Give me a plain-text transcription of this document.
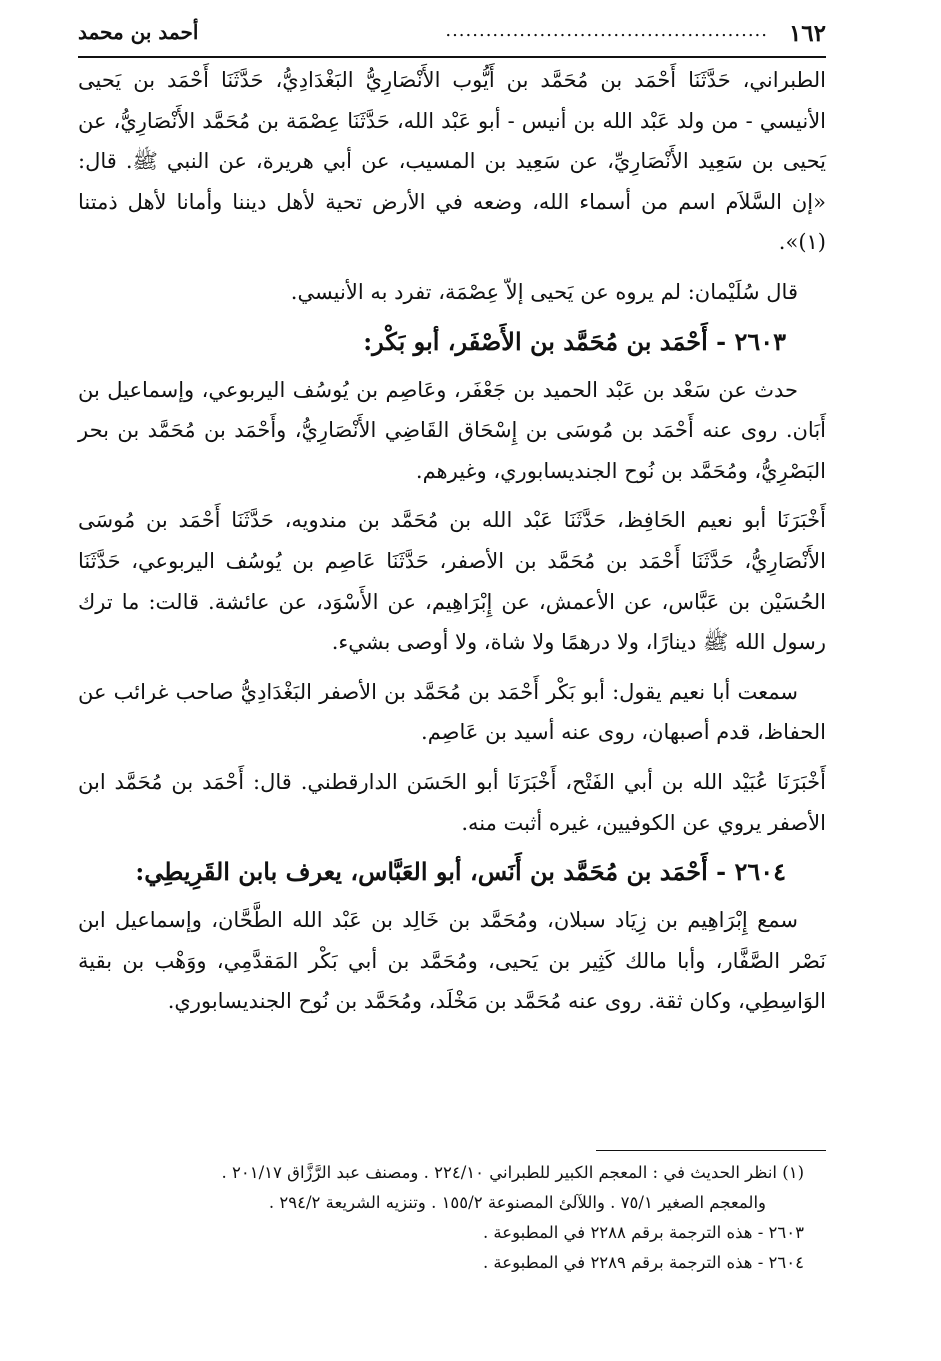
١٦٢
................................................
أحمد بن محمد

الطبراني، حَدَّثَنَا أَحْمَد بن مُحَمَّد بن أَيُّوب الأَنْصَارِيُّ البَغْدَادِيُّ، حَدَّثَنَا أَحْمَد بن يَحيى الأنيسي - من ولد عَبْد الله بن أنيس - أبو عَبْد الله، حَدَّثَنَا عِصْمَة بن مُحَمَّد الأَنْصَارِيُّ، عن يَحيى بن سَعِيد الأَنْصَارِيِّ، عن سَعِيد بن المسيب، عن أبي هريرة، عن النبي ﷺ. قال: «إن السَّلاَم اسم من أسماء الله، وضعه في الأرض تحية لأهل ديننا وأمانا لأهل ذمتنا (١)».

قال سُلَيْمان: لم يروه عن يَحيى إلاّ عِصْمَة، تفرد به الأنيسي.

٢٦٠٣ - أَحْمَد بن مُحَمَّد بن الأَصْفَر، أبو بَكْر:

حدث عن سَعْد بن عَبْد الحميد بن جَعْفَر، وعَاصِم بن يُوسُف اليربوعي، وإسماعيل بن أَبَان. روى عنه أَحْمَد بن مُوسَى بن إِسْحَاق القَاضِي الأَنْصَارِيُّ، وأَحْمَد بن مُحَمَّد بن بحر البَصْرِيُّ، ومُحَمَّد بن نُوح الجنديسابوري، وغيرهم.

أَخْبَرَنَا أبو نعيم الحَافِظ، حَدَّثَنَا عَبْد الله بن مُحَمَّد بن مندويه، حَدَّثَنَا أَحْمَد بن مُوسَى الأَنْصَارِيُّ، حَدَّثَنَا أَحْمَد بن مُحَمَّد بن الأصفر، حَدَّثَنَا عَاصِم بن يُوسُف اليربوعي، حَدَّثَنَا الحُسَيْن بن عَبَّاس، عن الأعمش، عن إِبْرَاهِيم، عن الأَسْوَد، عن عائشة. قالت: ما ترك رسول الله ﷺ دينارًا، ولا درهمًا ولا شاة، ولا أوصى بشيء.

سمعت أبا نعيم يقول: أبو بَكْر أَحْمَد بن مُحَمَّد بن الأصفر البَغْدَادِيُّ صاحب غرائب عن الحفاظ، قدم أصبهان، روى عنه أسيد بن عَاصِم.

أَخْبَرَنَا عُبَيْد الله بن أبي الفَتْح، أَخْبَرَنَا أبو الحَسَن الدارقطني. قال: أَحْمَد بن مُحَمَّد ابن الأصفر يروي عن الكوفيين، غيره أثبت منه.

٢٦٠٤ - أَحْمَد بن مُحَمَّد بن أَنَس، أبو العَبَّاس، يعرف بابن القَرِيطِي:

سمع إِبْرَاهِيم بن زِيَاد سبلان، ومُحَمَّد بن خَالِد بن عَبْد الله الطَّحَّان، وإسماعيل ابن نَصْر الصَّفَّار، وأبا مالك كَثِير بن يَحيى، ومُحَمَّد بن أبي بَكْر المَقدَّمِي، ووَهْب بن بقية الوَاسِطِي، وكان ثقة. روى عنه مُحَمَّد بن مَخْلَد، ومُحَمَّد بن نُوح الجنديسابوري.

(١) انظر الحديث في : المعجم الكبير للطبراني ٢٢٤/١٠ . ومصنف عبد الرَّزَّاق ٢٠١/١٧ .

والمعجم الصغير ٧٥/١ . واللآلئ المصنوعة ١٥٥/٢ . وتنزيه الشريعة ٢٩٤/٢ .

٢٦٠٣ - هذه الترجمة برقم ٢٢٨٨ في المطبوعة .

٢٦٠٤ - هذه الترجمة برقم ٢٢٨٩ في المطبوعة .
